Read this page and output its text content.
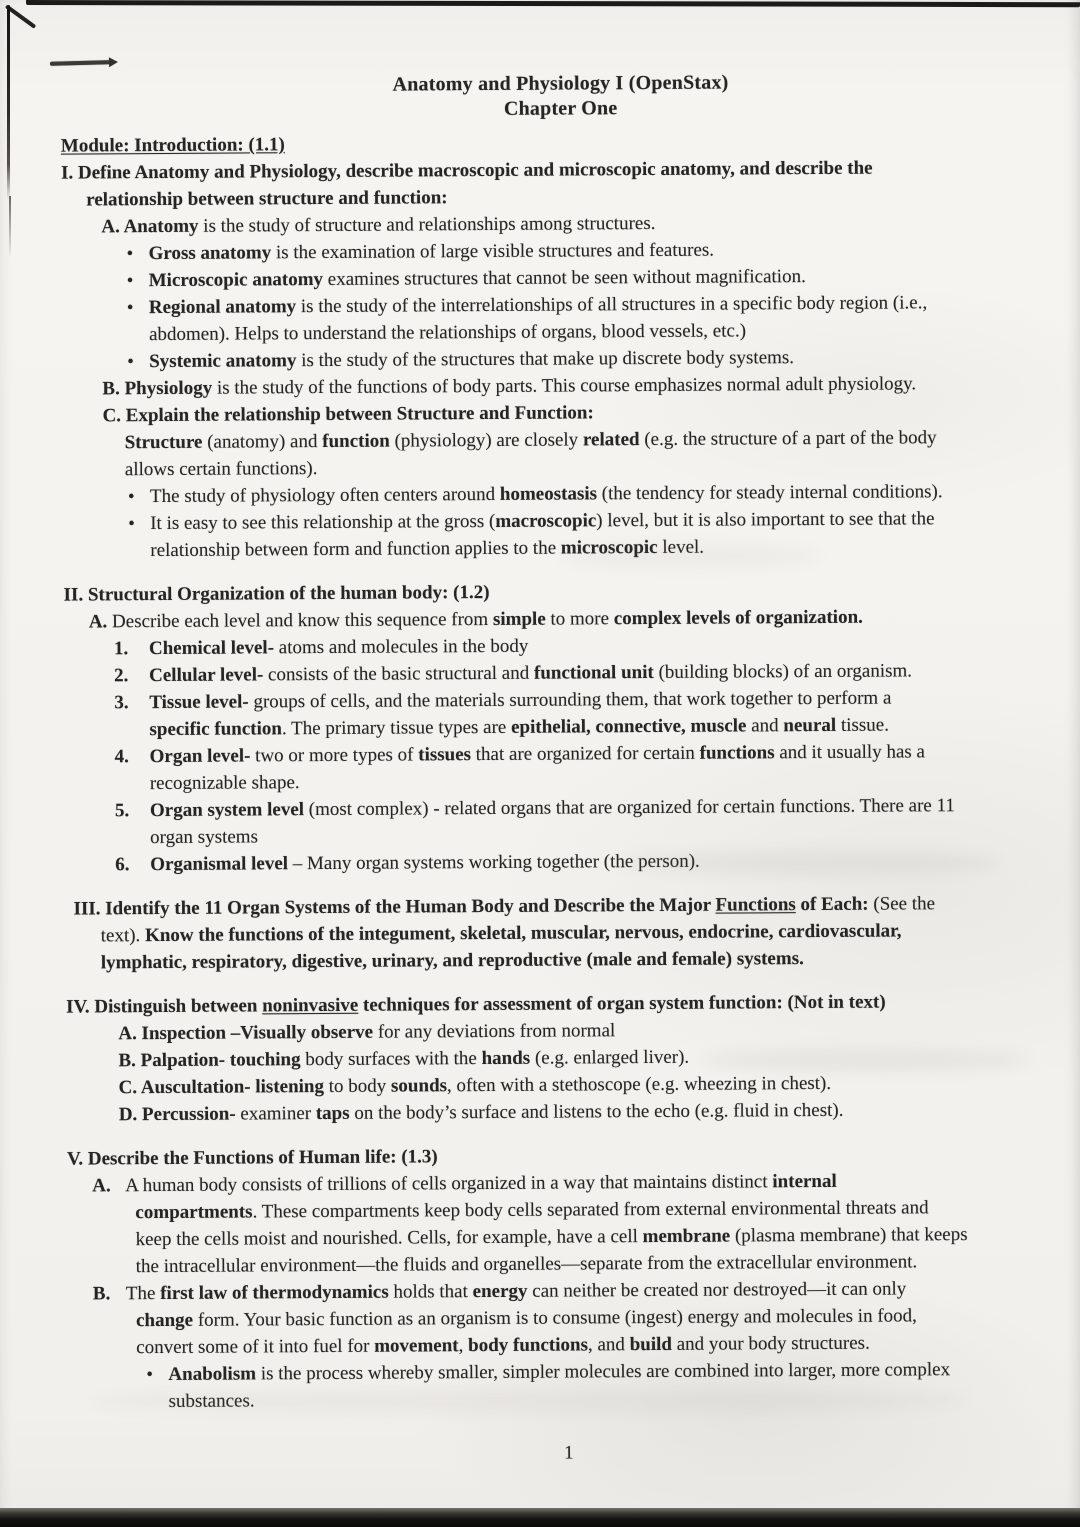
Anatomy and Physiology I (OpenStax)
Chapter One
Module: Introduction: (1.1)
I. Define Anatomy and Physiology, describe macroscopic and microscopic anatomy, and describe the
relationship between structure and function:
A. Anatomy is the study of structure and relationships among structures.
• Gross anatomy is the examination of large visible structures and features.
• Microscopic anatomy examines structures that cannot be seen without magnification.
• Regional anatomy is the study of the interrelationships of all structures in a specific body region (i.e.,
abdomen). Helps to understand the relationships of organs, blood vessels, etc.)
• Systemic anatomy is the study of the structures that make up discrete body systems.
B. Physiology is the study of the functions of body parts. This course emphasizes normal adult physiology.
C. Explain the relationship between Structure and Function:
Structure (anatomy) and function (physiology) are closely related (e.g. the structure of a part of the body
allows certain functions).
• The study of physiology often centers around homeostasis (the tendency for steady internal conditions).
• It is easy to see this relationship at the gross (macroscopic) level, but it is also important to see that the
relationship between form and function applies to the microscopic level.
II. Structural Organization of the human body: (1.2)
A. Describe each level and know this sequence from simple to more complex levels of organization.
1. Chemical level- atoms and molecules in the body
2. Cellular level- consists of the basic structural and functional unit (building blocks) of an organism.
3. Tissue level- groups of cells, and the materials surrounding them, that work together to perform a
specific function. The primary tissue types are epithelial, connective, muscle and neural tissue.
4. Organ level- two or more types of tissues that are organized for certain functions and it usually has a
recognizable shape.
5. Organ system level (most complex) - related organs that are organized for certain functions. There are 11
organ systems
6. Organismal level – Many organ systems working together (the person).
III. Identify the 11 Organ Systems of the Human Body and Describe the Major Functions of Each: (See the
text). Know the functions of the integument, skeletal, muscular, nervous, endocrine, cardiovascular,
lymphatic, respiratory, digestive, urinary, and reproductive (male and female) systems.
IV. Distinguish between noninvasive techniques for assessment of organ system function: (Not in text)
A. Inspection –Visually observe for any deviations from normal
B. Palpation- touching body surfaces with the hands (e.g. enlarged liver).
C. Auscultation- listening to body sounds, often with a stethoscope (e.g. wheezing in chest).
D. Percussion- examiner taps on the body’s surface and listens to the echo (e.g. fluid in chest).
V. Describe the Functions of Human life: (1.3)
A. A human body consists of trillions of cells organized in a way that maintains distinct internal
compartments. These compartments keep body cells separated from external environmental threats and
keep the cells moist and nourished. Cells, for example, have a cell membrane (plasma membrane) that keeps
the intracellular environment—the fluids and organelles—separate from the extracellular environment.
B. The first law of thermodynamics holds that energy can neither be created nor destroyed—it can only
change form. Your basic function as an organism is to consume (ingest) energy and molecules in food,
convert some of it into fuel for movement, body functions, and build and your body structures.
• Anabolism is the process whereby smaller, simpler molecules are combined into larger, more complex
substances.
1
